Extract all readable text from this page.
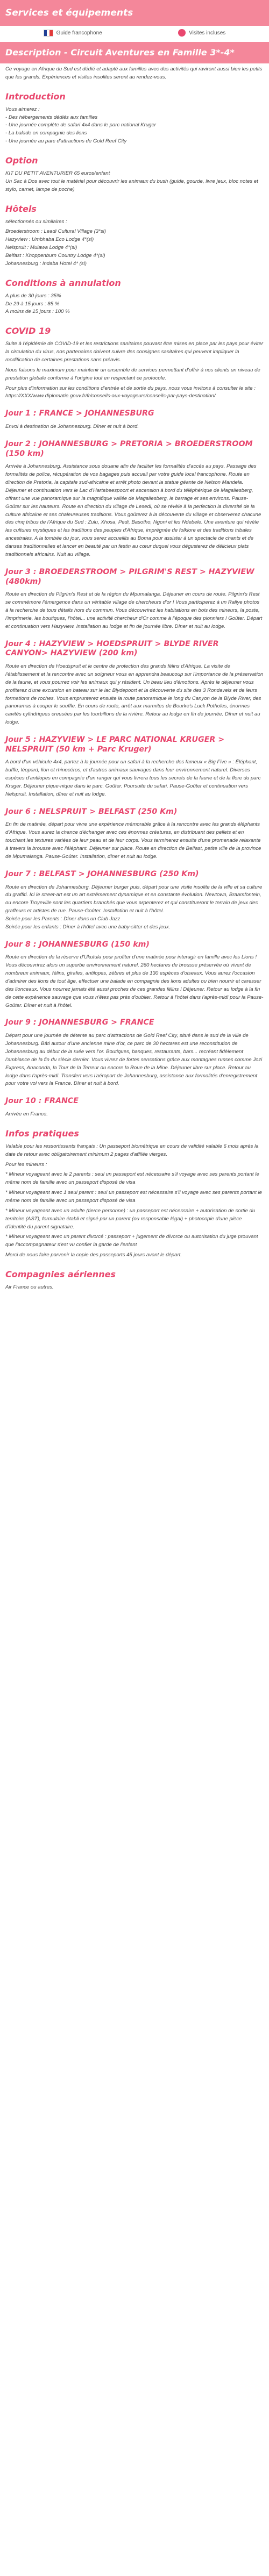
Services et équipements
Guide francophone	Visites incluses
Description - Circuit Aventures en Famille 3*-4*

Ce voyage en Afrique du Sud est dédié et adapté aux familles avec des activités qui raviront aussi bien les petits que les grands. Expériences et visites insolites seront au rendez-vous.

Introduction

Vous aimerez :

- Des hébergements dédiés aux familles

- Une journée complète de safari 4x4 dans le parc national Kruger

- La balade en compagnie des lions

- Une journée au parc d'attractions de Gold Reef City

Option

KIT DU PETIT AVENTURIER 65 euros/enfant
Un Sac à Dos avec tout le matériel pour découvrir les animaux du bush (guide, gourde, livre jeux, bloc notes et stylo, carnet, lampe de poche)

Hôtels

sélectionnés ou similaires :

Broederstroom : Leadi Cultural Village (3*sl)

Hazyview : Umbhaba Eco Lodge 4*(sl)

Nelspruit : Mulawa Lodge 4*(sl)

Belfast : Khoppenburn Country Lodge 4*(sl)

Johannesburg : Indaba Hotel 4* (sl)

Conditions à annulation

A plus de 30 jours : 35%

De 29 à 15 jours : 85 %

A moins de 15 jours : 100 %

COVID 19

Suite à l'épidémie de COVID-19 et les restrictions sanitaires pouvant être mises en place par les pays pour éviter la circulation du virus, nos partenaires doivent suivre des consignes sanitaires qui peuvent impliquer la modification de certaines prestations sans préavis.

Nous faisons le maximum pour maintenir un ensemble de services permettant d'offrir à nos clients un niveau de prestation globale conforme à l'origine tout en respectant ce protocole.

Pour plus d'information sur les conditions d'entrée et de sortie du pays, nous vous invitons à consulter le site : https://XXX/www.diplomatie.gouv.fr/fr/conseils-aux-voyageurs/conseils-par-pays-destination/

Jour 1 : FRANCE > JOHANNESBURG

Envol à destination de Johannesburg. Dîner et nuit à bord.

Jour 2 : JOHANNESBURG > PRETORIA > BROEDERSTROOM (150 km)

Arrivée à Johannesburg. Assistance sous douane afin de faciliter les formalités d'accès au pays. Passage des formalités de police, récupération de vos bagages puis accueil par votre guide local francophone. Route en direction de Pretoria, la capitale sud-africaine et arrêt photo devant la statue géante de Nelson Mandela. Déjeuner et continuation vers le Lac d'Hartebeespoort et ascension à bord du téléphérique de Magaliesberg, offrant une vue panoramique sur la magnifique vallée de Magaliesberg, le barrage et ses environs. Pause-Goûter sur les hauteurs. Route en direction du village de Lesedi, où se révèle à la perfection la diversité de la culture africaine et ses chaleureuses traditions. Vous goûterez à la découverte du village et observerez chacune des cinq tribus de l'Afrique du Sud : Zulu, Xhosa, Pedi, Basotho, Ngoni et les Ndebele. Une aventure qui révèle les cultures mystiques et les traditions des peuples d'Afrique, imprégnée de folklore et des traditions tribales ancestrales. A la tombée du jour, vous serez accueillis au Boma pour assister à un spectacle de chants et de danses traditionnelles et lancer en beauté par un festin au cœur duquel vous dégusterez de délicieux plats traditionnels africains. Nuit au village.

Jour 3 : BROEDERSTROOM > PILGRIM'S REST > HAZYVIEW (480km)

Route en direction de Pilgrim's Rest et de la région du Mpumalanga. Déjeuner en cours de route. Pilgrim's Rest se commémore l'émergence dans un véritable village de chercheurs d'or ! Vous participerez à un Rallye photos à la recherche de tous détails hors du commun. Vous découvrirez les habitations en bois des mineurs, la poste, l'imprimerie, les boutiques, l'hôtel... une activité chercheur d'Or comme à l'époque des pionniers ! Goûter. Départ et continuation vers Hazyview. Installation au lodge et fin de journée libre. Dîner et nuit au lodge.

Jour 4 : HAZYVIEW > HOEDSPRUIT > BLYDE RIVER CANYON> HAZYVIEW (200 km)

Route en direction de Hoedspruit et le centre de protection des grands félins d'Afrique. La visite de l'établissement et la rencontre avec un soigneur vous en apprendra beaucoup sur l'importance de la préservation de la faune, et vous pourrez voir les animaux qui y résident. Un beau lieu d'émotions. Après le déjeuner vous profiterez d'une excursion en bateau sur le lac Blydepoort et la découverte du site des 3 Rondavels et de leurs formations de roches. Vous emprunterez ensuite la route panoramique le long du Canyon de la Blyde River, des panoramas à couper le souffle. En cours de route, arrêt aux marmites de Bourke's Luck Potholes, énormes cavités cylindriques creusées par les tourbillons de la rivière. Retour au lodge en fin de journée. Dîner et nuit au lodge.

Jour 5 : HAZYVIEW > LE PARC NATIONAL KRUGER > NELSPRUIT (50 km + Parc Kruger)

A bord d'un véhicule 4x4, partez à la journée pour un safari à la recherche des fameux « Big Five » : Éléphant, buffle, léopard, lion et rhinocéros, et d'autres animaux sauvages dans leur environnement naturel. Diverses espèces d'antilopes en compagnie d'un ranger qui vous livrera tous les secrets de la faune et de la flore du parc Kruger. Déjeuner pique-nique dans le parc. Goûter. Poursuite du safari. Pause-Goûter et continuation vers Nelspruit. Installation, dîner et nuit au lodge.

Jour 6 : NELSPRUIT > BELFAST (250 Km)

En fin de matinée, départ pour vivre une expérience mémorable grâce à la rencontre avec les grands éléphants d'Afrique. Vous aurez la chance d'échanger avec ces énormes créatures, en distribuant des pellets et en touchant les textures variées de leur peau et de leur corps. Vous terminerez ensuite d'une promenade relaxante à travers la brousse avec l'éléphant. Déjeuner sur place. Route en direction de Belfast, petite ville de la province de Mpumalanga. Pause-Goûter. Installation, dîner et nuit au lodge.

Jour 7 : BELFAST > JOHANNESBURG (250 Km)

Route en direction de Johannesburg. Déjeuner burger puis, départ pour une visite insolite de la ville et sa culture du graffiti. Ici le street-art est un art extrêmement dynamique et en constante évolution. Newtown, Braamfontein, ou encore Troyeville sont les quartiers branchés que vous arpenterez et qui constitueront le terrain de jeux des graffeurs et artistes de rue. Pause-Goûter. Installation et nuit à l'hôtel.
Soirée pour les Parents : Dîner dans un Club Jazz
Soirée pour les enfants : Dîner à l'hôtel avec une baby-sitter et des jeux.

Jour 8 : JOHANNESBURG (150 km)

Route en direction de la réserve d'Ukutula pour profiter d'une matinée pour interagir en famille avec les Lions ! Vous découvrirez alors un superbe environnement naturel, 260 hectares de brousse préservée où vivent de nombreux animaux, félins, girafes, antilopes, zèbres et plus de 130 espèces d'oiseaux. Vous aurez l'occasion d'admirer des lions de tout âge, effectuer une balade en compagnie des lions adultes ou bien nourrir et caresser des lionceaux. Vous nourrez jamais été aussi proches de ces grandes félins ! Déjeuner. Retour au lodge à la fin de cette expérience sauvage que vous n'êtes pas près d'oublier. Retour à l'hôtel dans l'après-midi pour la Pause-Goûter. Dîner et nuit à l'hôtel.

Jour 9 : JOHANNESBURG > FRANCE

Départ pour une journée de détente au parc d'attractions de Gold Reef City, situé dans le sud de la ville de Johannesburg. Bâti autour d'une ancienne mine d'or, ce parc de 30 hectares est une reconstitution de Johannesburg au début de la ruée vers l'or. Boutiques, banques, restaurants, bars... recréant fidèlement l'ambiance de la fin du siècle dernier. Vous vivrez de fortes sensations grâce aux montagnes russes comme Jozi Express, Anaconda, la Tour de la Terreur ou encore la Roue de la Mine. Déjeuner libre sur place. Retour au lodge dans l'après-midi. Transfert vers l'aéroport de Johannesburg, assistance aux formalités d'enregistrement pour votre vol vers la France. Dîner et nuit à bord.

Jour 10 : FRANCE

Arrivée en France.

Infos pratiques

Valable pour les ressortissants français : Un passeport biométrique en cours de validité valable 6 mois après la date de retour avec obligatoirement minimum 2 pages d'affilée vierges.

Pour les mineurs :

* Mineur voyageant avec le 2 parents : seul un passeport est nécessaire s'il voyage avec ses parents portant le même nom de famille avec un passeport disposé de visa

* Mineur voyageant avec 1 seul parent : seul un passeport est nécessaire s'il voyage avec ses parents portant le même nom de famille avec un passeport disposé de visa

* Mineur voyageant avec un adulte (tierce personne) : un passeport est nécessaire + autorisation de sortie du territoire (AST), formulaire établi et signé par un parent (ou responsable légal) + photocopie d'une pièce d'identité du parent signataire.

* Mineur voyageant avec un parent divorcé : passeport + jugement de divorce ou autorisation du juge prouvant que l'accompagnateur s'est vu confier la garde de l'enfant

Merci de nous faire parvenir la copie des passeports 45 jours avant le départ.

Compagnies aériennes

Air France ou autres.
